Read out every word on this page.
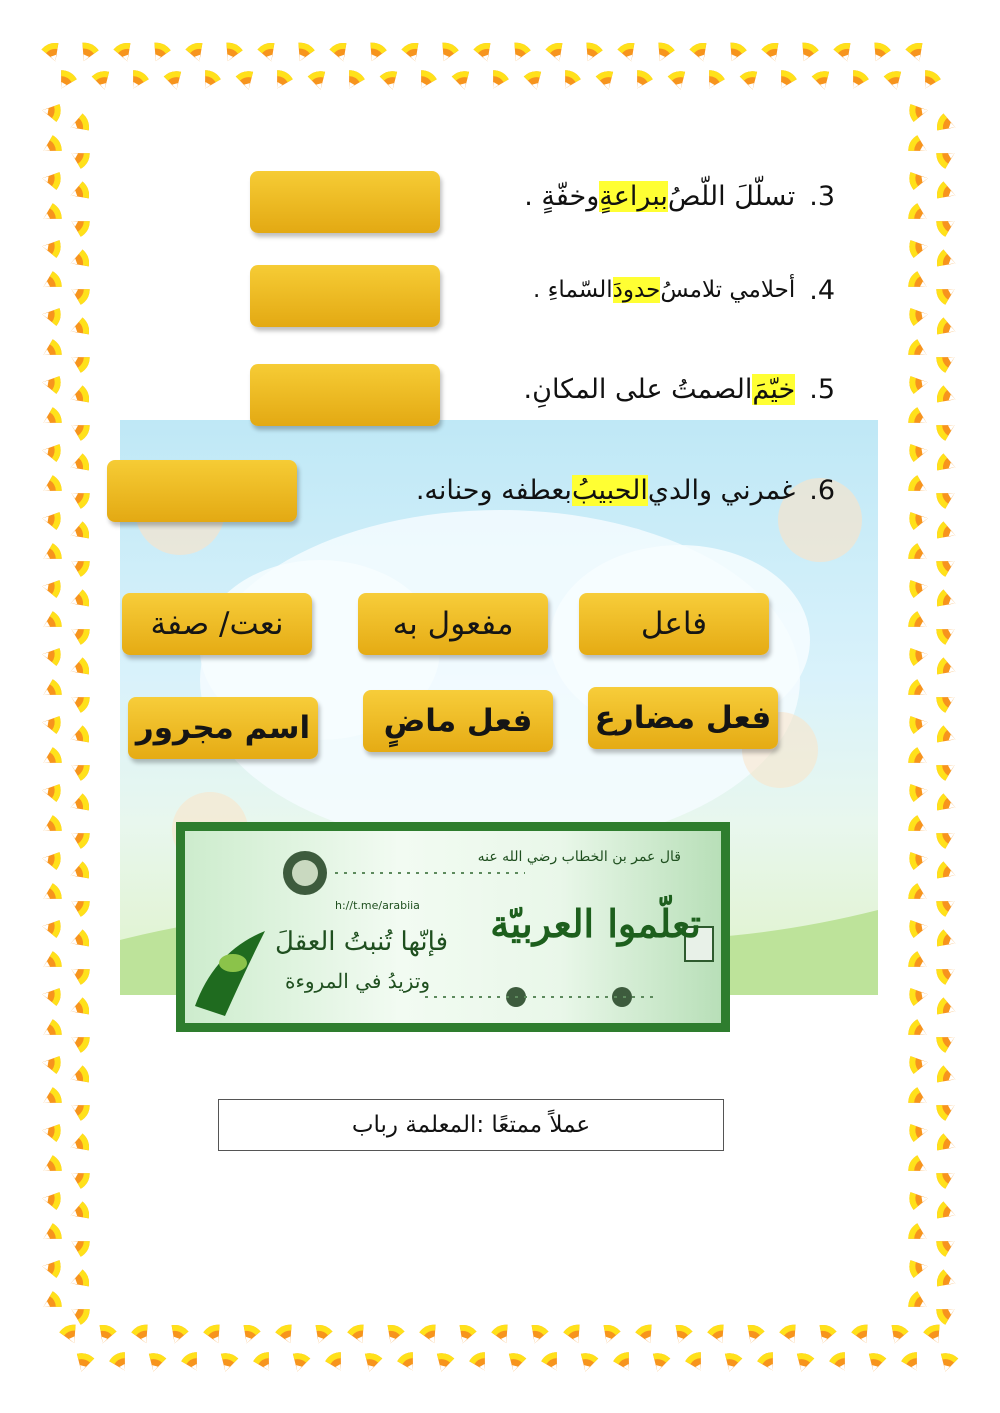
3.
تسلّلَ اللّصُ
ببراعةٍ
وخفّةٍ .
4.
أحلامي تلامسُ
حدودَ
السّماءِ .
5.
خيّمَ
الصمتُ على المكانِ.
6.
غمرني والدي
الحبيبُ
بعطفه وحنانه.
فاعل
مفعول به
نعت/ صفة
فعل مضارع
فعل ماضٍ
اسم مجرور
قال عمر بن الخطاب رضي الله عنه
h://t.me/arabiia تعلّموا العربيّة
فإنّها تُنبتُ العقلَ
وتزيدُ في المروءة
عملاً ممتعًا :المعلمة رباب
